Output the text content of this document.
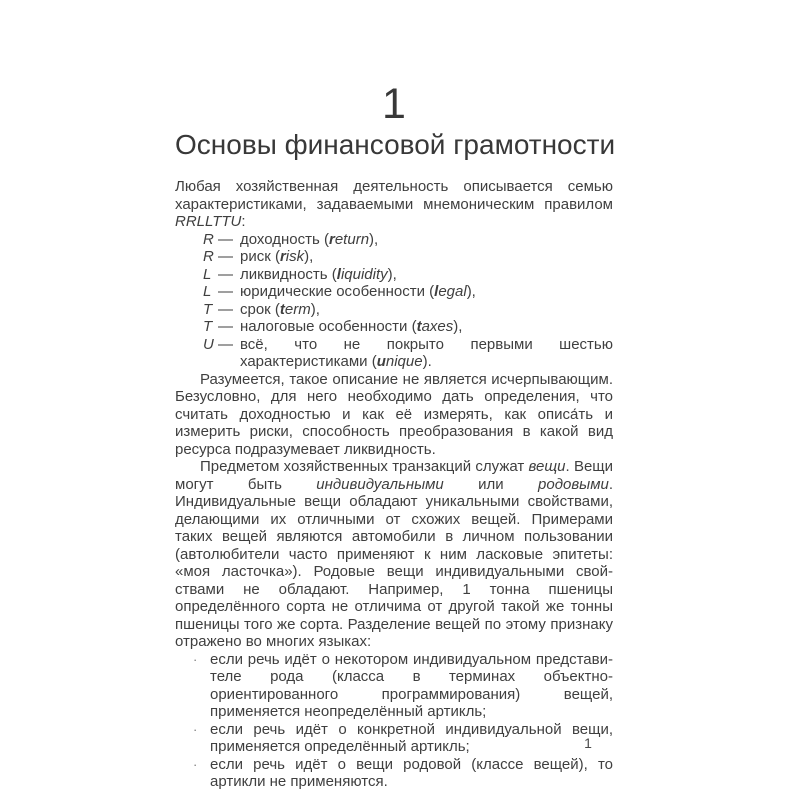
1
Основы финансовой грамотности

Любая хозяйственная деятельность описывается семью характеристиками, задаваемыми мнемоническим правилом RRLLTTU:

R — доходность (return),
R — риск (risk),
L — ликвидность (liquidity),
L — юридические особенности (legal),
T — срок (term),
T — налоговые особенности (taxes),
U — всё, что не покрыто первыми шестью характеристиками (unique).

Разумеется, такое описание не является исчерпывающим. Безусловно, для него необходимо дать определения, что считать доходностью и как её измерять, как описа́ть и измерить риски, способность преобразования в какой вид ресурса подразумевает ликвидность.

Предметом хозяйственных транзакций служат вещи. Вещи могут быть индивидуальными или родовыми. Индивидуальные вещи обладают уникальными свойствами, делающими их отличными от схожих вещей. Примерами таких вещей являются автомобили в личном пользовании (автолюбители часто применяют к ним ласковые эпитеты: «моя ласточка»). Родовые вещи индивидуальными свойствами не обладают. Например, 1 тонна пшеницы определённого сорта не отличима от другой такой же тонны пшеницы того же сорта. Разделение вещей по этому признаку отражено во многих языках:

· если речь идёт о некотором индивидуальном представителе рода (класса в терминах объектно-ориентированного программирования) вещей, применяется неопределённый артикль;
· если речь идёт о конкретной индивидуальной вещи, применяется определённый артикль;
· если речь идёт о вещи родовой (классе вещей), то артикли не применяются.
1
